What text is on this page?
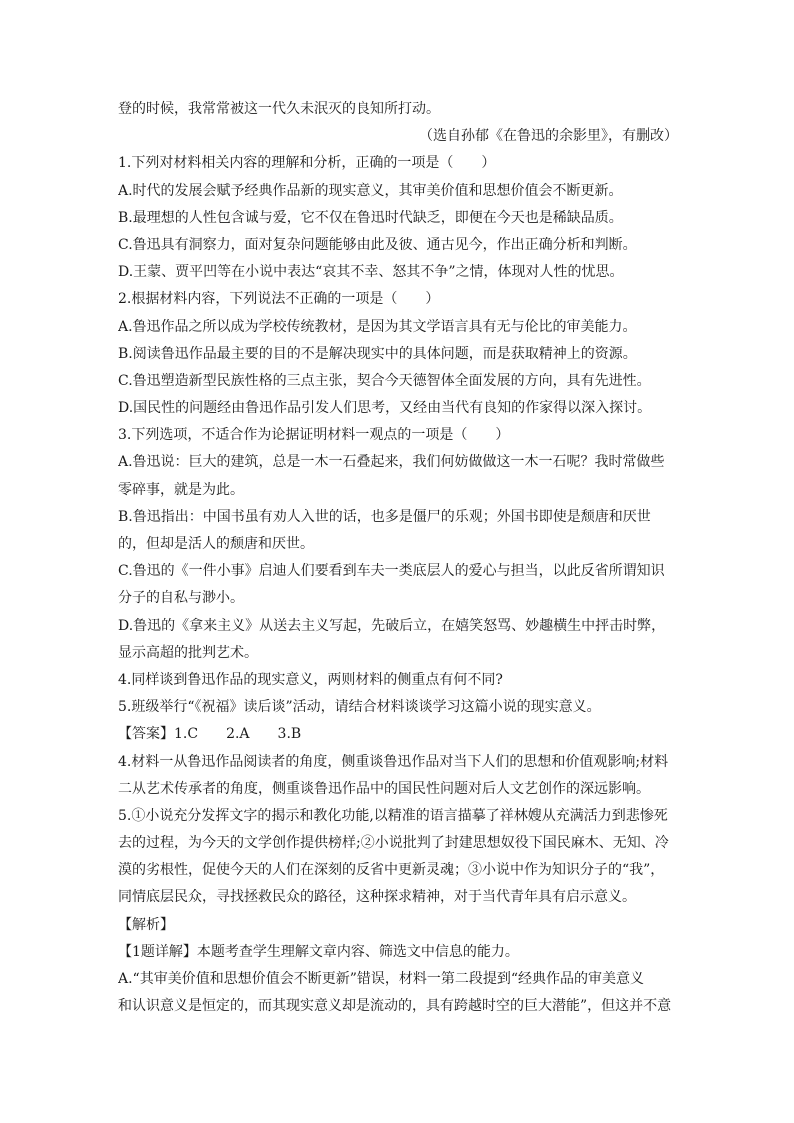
登的时候，我常常被这一代久未泯灭的良知所打动。
（选自孙郁《在鲁迅的余影里》，有删改）
1.下列对材料相关内容的理解和分析，正确的一项是（　　）
A.时代的发展会赋予经典作品新的现实意义，其审美价值和思想价值会不断更新。
B.最理想的人性包含诚与爱，它不仅在鲁迅时代缺乏，即便在今天也是稀缺品质。
C.鲁迅具有洞察力，面对复杂问题能够由此及彼、通古见今，作出正确分析和判断。
D.王蒙、贾平凹等在小说中表达“哀其不幸、怒其不争”之情，体现对人性的忧思。
2.根据材料内容，下列说法不正确的一项是（　　）
A.鲁迅作品之所以成为学校传统教材，是因为其文学语言具有无与伦比的审美能力。
B.阅读鲁迅作品最主要的目的不是解决现实中的具体问题，而是获取精神上的资源。
C.鲁迅塑造新型民族性格的三点主张，契合今天德智体全面发展的方向，具有先进性。
D.国民性的问题经由鲁迅作品引发人们思考，又经由当代有良知的作家得以深入探讨。
3.下列选项，不适合作为论据证明材料一观点的一项是（　　）
A.鲁迅说：巨大的建筑，总是一木一石叠起来，我们何妨做做这一木一石呢？我时常做些
零碎事，就是为此。
B.鲁迅指出：中国书虽有劝人入世的话，也多是僵尸的乐观；外国书即使是颓唐和厌世
的，但却是活人的颓唐和厌世。
C.鲁迅的《一件小事》启迪人们要看到车夫一类底层人的爱心与担当，以此反省所谓知识
分子的自私与渺小。
D.鲁迅的《拿来主义》从送去主义写起，先破后立，在嬉笑怒骂、妙趣横生中抨击时弊，
显示高超的批判艺术。
4.同样谈到鲁迅作品的现实意义，两则材料的侧重点有何不同?
5.班级举行“《祝福》读后谈”活动，请结合材料谈谈学习这篇小说的现实意义。
【答案】1.C　　2.A　　3.B
4.材料一从鲁迅作品阅读者的角度，侧重谈鲁迅作品对当下人们的思想和价值观影响;材料
二从艺术传承者的角度，侧重谈鲁迅作品中的国民性问题对后人文艺创作的深远影响。
5.①小说充分发挥文字的揭示和教化功能,以精准的语言描摹了祥林嫂从充满活力到悲惨死
去的过程，为今天的文学创作提供榜样;②小说批判了封建思想奴役下国民麻木、无知、冷
漠的劣根性，促使今天的人们在深刻的反省中更新灵魂；③小说中作为知识分子的“我”，
同情底层民众，寻找拯救民众的路径，这种探求精神，对于当代青年具有启示意义。
【解析】
【1题详解】本题考查学生理解文章内容、筛选文中信息的能力。
A.“其审美价值和思想价值会不断更新”错误，材料一第二段提到“经典作品的审美意义
和认识意义是恒定的，而其现实意义却是流动的，具有跨越时空的巨大潜能”，但这并不意
